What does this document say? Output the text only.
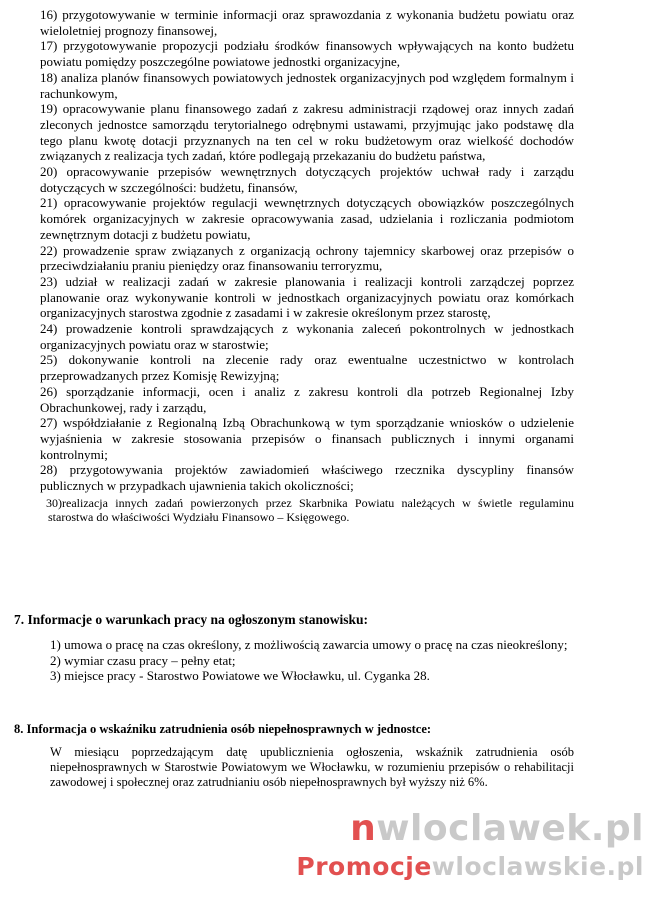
16) przygotowywanie w terminie informacji oraz sprawozdania z wykonania budżetu powiatu oraz wieloletniej prognozy finansowej,

17) przygotowywanie propozycji podziału środków finansowych wpływających na konto budżetu powiatu pomiędzy poszczególne powiatowe jednostki organizacyjne,

18) analiza planów finansowych powiatowych jednostek organizacyjnych pod względem formalnym i rachunkowym,

19) opracowywanie planu finansowego zadań z zakresu administracji rządowej oraz innych zadań zleconych jednostce samorządu terytorialnego odrębnymi ustawami, przyjmując jako podstawę dla tego planu kwotę dotacji przyznanych na ten cel w roku budżetowym oraz wielkość dochodów związanych z realizacja tych zadań, które podlegają przekazaniu do budżetu państwa,

20) opracowywanie przepisów wewnętrznych dotyczących projektów uchwał rady i zarządu dotyczących w szczególności: budżetu, finansów,

21) opracowywanie projektów regulacji wewnętrznych dotyczących obowiązków poszczególnych komórek organizacyjnych w zakresie opracowywania zasad, udzielania i rozliczania podmiotom zewnętrznym dotacji z budżetu powiatu,

22) prowadzenie spraw związanych z organizacją ochrony tajemnicy skarbowej oraz przepisów o przeciwdziałaniu praniu pieniędzy oraz finansowaniu terroryzmu,

23) udział w realizacji zadań w zakresie planowania i realizacji kontroli zarządczej poprzez planowanie oraz wykonywanie kontroli w jednostkach organizacyjnych powiatu oraz komórkach organizacyjnych starostwa zgodnie z zasadami i w zakresie określonym przez starostę,

24) prowadzenie kontroli sprawdzających z wykonania zaleceń pokontrolnych w jednostkach organizacyjnych powiatu oraz w starostwie;

25) dokonywanie kontroli na zlecenie rady oraz ewentualne uczestnictwo w kontrolach przeprowadzanych przez Komisję Rewizyjną;

26) sporządzanie informacji, ocen i analiz z zakresu kontroli dla potrzeb Regionalnej Izby Obrachunkowej, rady i zarządu,

27) współdziałanie z Regionalną Izbą Obrachunkową w tym sporządzanie wniosków o udzielenie wyjaśnienia w zakresie stosowania przepisów o finansach publicznych i innymi organami kontrolnymi;

28) przygotowywania projektów zawiadomień właściwego rzecznika dyscypliny finansów publicznych w przypadkach ujawnienia takich okoliczności;

30)realizacja innych zadań powierzonych przez Skarbnika Powiatu należących w świetle regulaminu starostwa do właściwości Wydziału Finansowo – Księgowego.

7. Informacje o warunkach pracy na ogłoszonym stanowisku:
1) umowa o pracę na czas określony, z możliwością zawarcia umowy o pracę na czas nieokreślony;
2) wymiar czasu pracy – pełny etat;
3) miejsce pracy - Starostwo Powiatowe we Włocławku, ul. Cyganka 28.
8. Informacja o wskaźniku zatrudnienia osób niepełnosprawnych w jednostce:

W miesiącu poprzedzającym datę upublicznienia ogłoszenia, wskaźnik zatrudnienia osób niepełnosprawnych w Starostwie Powiatowym we Włocławku, w rozumieniu przepisów o rehabilitacji zawodowej i społecznej oraz zatrudnianiu osób niepełnosprawnych był wyższy niż 6%.

nwloclawek.pl
Promocjewloclawskie.pl
